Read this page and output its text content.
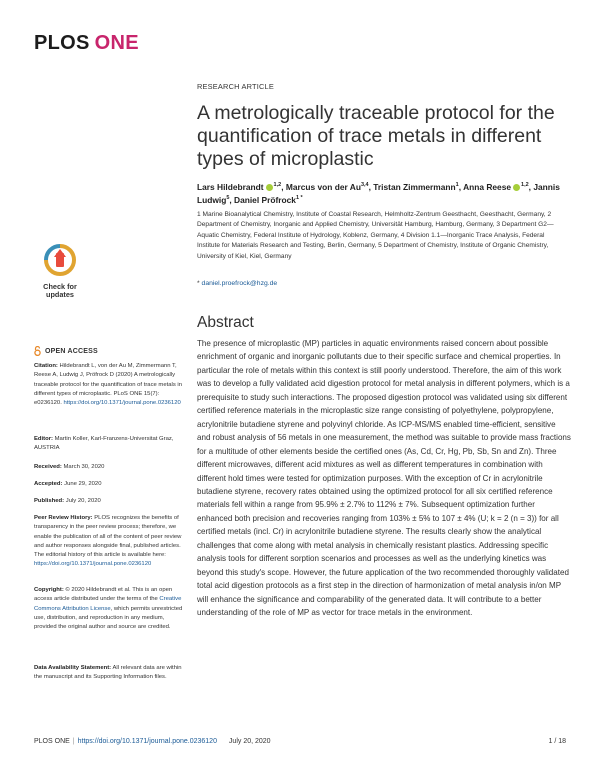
PLOS ONE
RESEARCH ARTICLE
A metrologically traceable protocol for the quantification of trace metals in different types of microplastic
Lars Hildebrandt $^{1,2}$, Marcus von der Au$^{3,4}$, Tristan Zimmermann$^1$, Anna Reese $^{1,2}$, Jannis Ludwig$^5$, Daniel Pröfrock$^{1 *}$
1 Marine Bioanalytical Chemistry, Institute of Coastal Research, Helmholtz-Zentrum Geesthacht, Geesthacht, Germany, 2 Department of Chemistry, Inorganic and Applied Chemistry, Universität Hamburg, Hamburg, Germany, 3 Department G2—Aquatic Chemistry, Federal Institute of Hydrology, Koblenz, Germany, 4 Division 1.1—Inorganic Trace Analysis, Federal Institute for Materials Research and Testing, Berlin, Germany, 5 Department of Chemistry, Institute of Organic Chemistry, University of Kiel, Kiel, Germany
* daniel.proefrock@hzg.de
Check for
updates
OPEN ACCESS
Citation: Hildebrandt L, von der Au M, Zimmermann T, Reese A, Ludwig J, Pröfrock D (2020) A metrologically traceable protocol for the quantification of trace metals in different types of microplastic. PLoS ONE 15(7): e0236120. https://doi.org/10.1371/journal.pone.0236120
Editor: Martin Koller, Karl-Franzens-Universitat Graz, AUSTRIA
Received: March 30, 2020
Accepted: June 29, 2020
Published: July 20, 2020
Peer Review History: PLOS recognizes the benefits of transparency in the peer review process; therefore, we enable the publication of all of the content of peer review and author responses alongside final, published articles. The editorial history of this article is available here: https://doi.org/10.1371/journal.pone.0236120
Copyright: © 2020 Hildebrandt et al. This is an open access article distributed under the terms of the Creative Commons Attribution License, which permits unrestricted use, distribution, and reproduction in any medium, provided the original author and source are credited.
Data Availability Statement: All relevant data are within the manuscript and its Supporting Information files.
Abstract
The presence of microplastic (MP) particles in aquatic environments raised concern about possible enrichment of organic and inorganic pollutants due to their specific surface and chemical properties. In particular the role of metals within this context is still poorly understood. Therefore, the aim of this work was to develop a fully validated acid digestion protocol for metal analysis in different polymers, which is a prerequisite to study such interactions. The proposed digestion protocol was validated using six different certified reference materials in the microplastic size range consisting of polyethylene, polypropylene, acrylonitrile butadiene styrene and polyvinyl chloride. As ICP-MS/MS enabled time-efficient, sensitive and robust analysis of 56 metals in one measurement, the method was suitable to provide mass fractions for a multitude of other elements beside the certified ones (As, Cd, Cr, Hg, Pb, Sb, Sn and Zn). Three different microwaves, different acid mixtures as well as different temperatures in combination with different hold times were tested for optimization purposes. With the exception of Cr in acrylonitrile butadiene styrene, recovery rates obtained using the optimized protocol for all six certified reference materials fell within a range from 95.9% ± 2.7% to 112% ± 7%. Subsequent optimization further enhanced both precision and recoveries ranging from 103% ± 5% to 107 ± 4% (U; k = 2 (n = 3)) for all certified metals (incl. Cr) in acrylonitrile butadiene styrene. The results clearly show the analytical challenges that come along with metal analysis in chemically resistant plastics. Addressing specific analysis tools for different sorption scenarios and processes as well as the underlying kinetics was beyond this study's scope. However, the future application of the two recommended thoroughly validated total acid digestion protocols as a first step in the direction of harmonization of metal analysis in/on MP will enhance the significance and comparability of the generated data. It will contribute to a better understanding of the role of MP as vector for trace metals in the environment.
PLOS ONE | https://doi.org/10.1371/journal.pone.0236120 July 20, 2020	1 / 18
